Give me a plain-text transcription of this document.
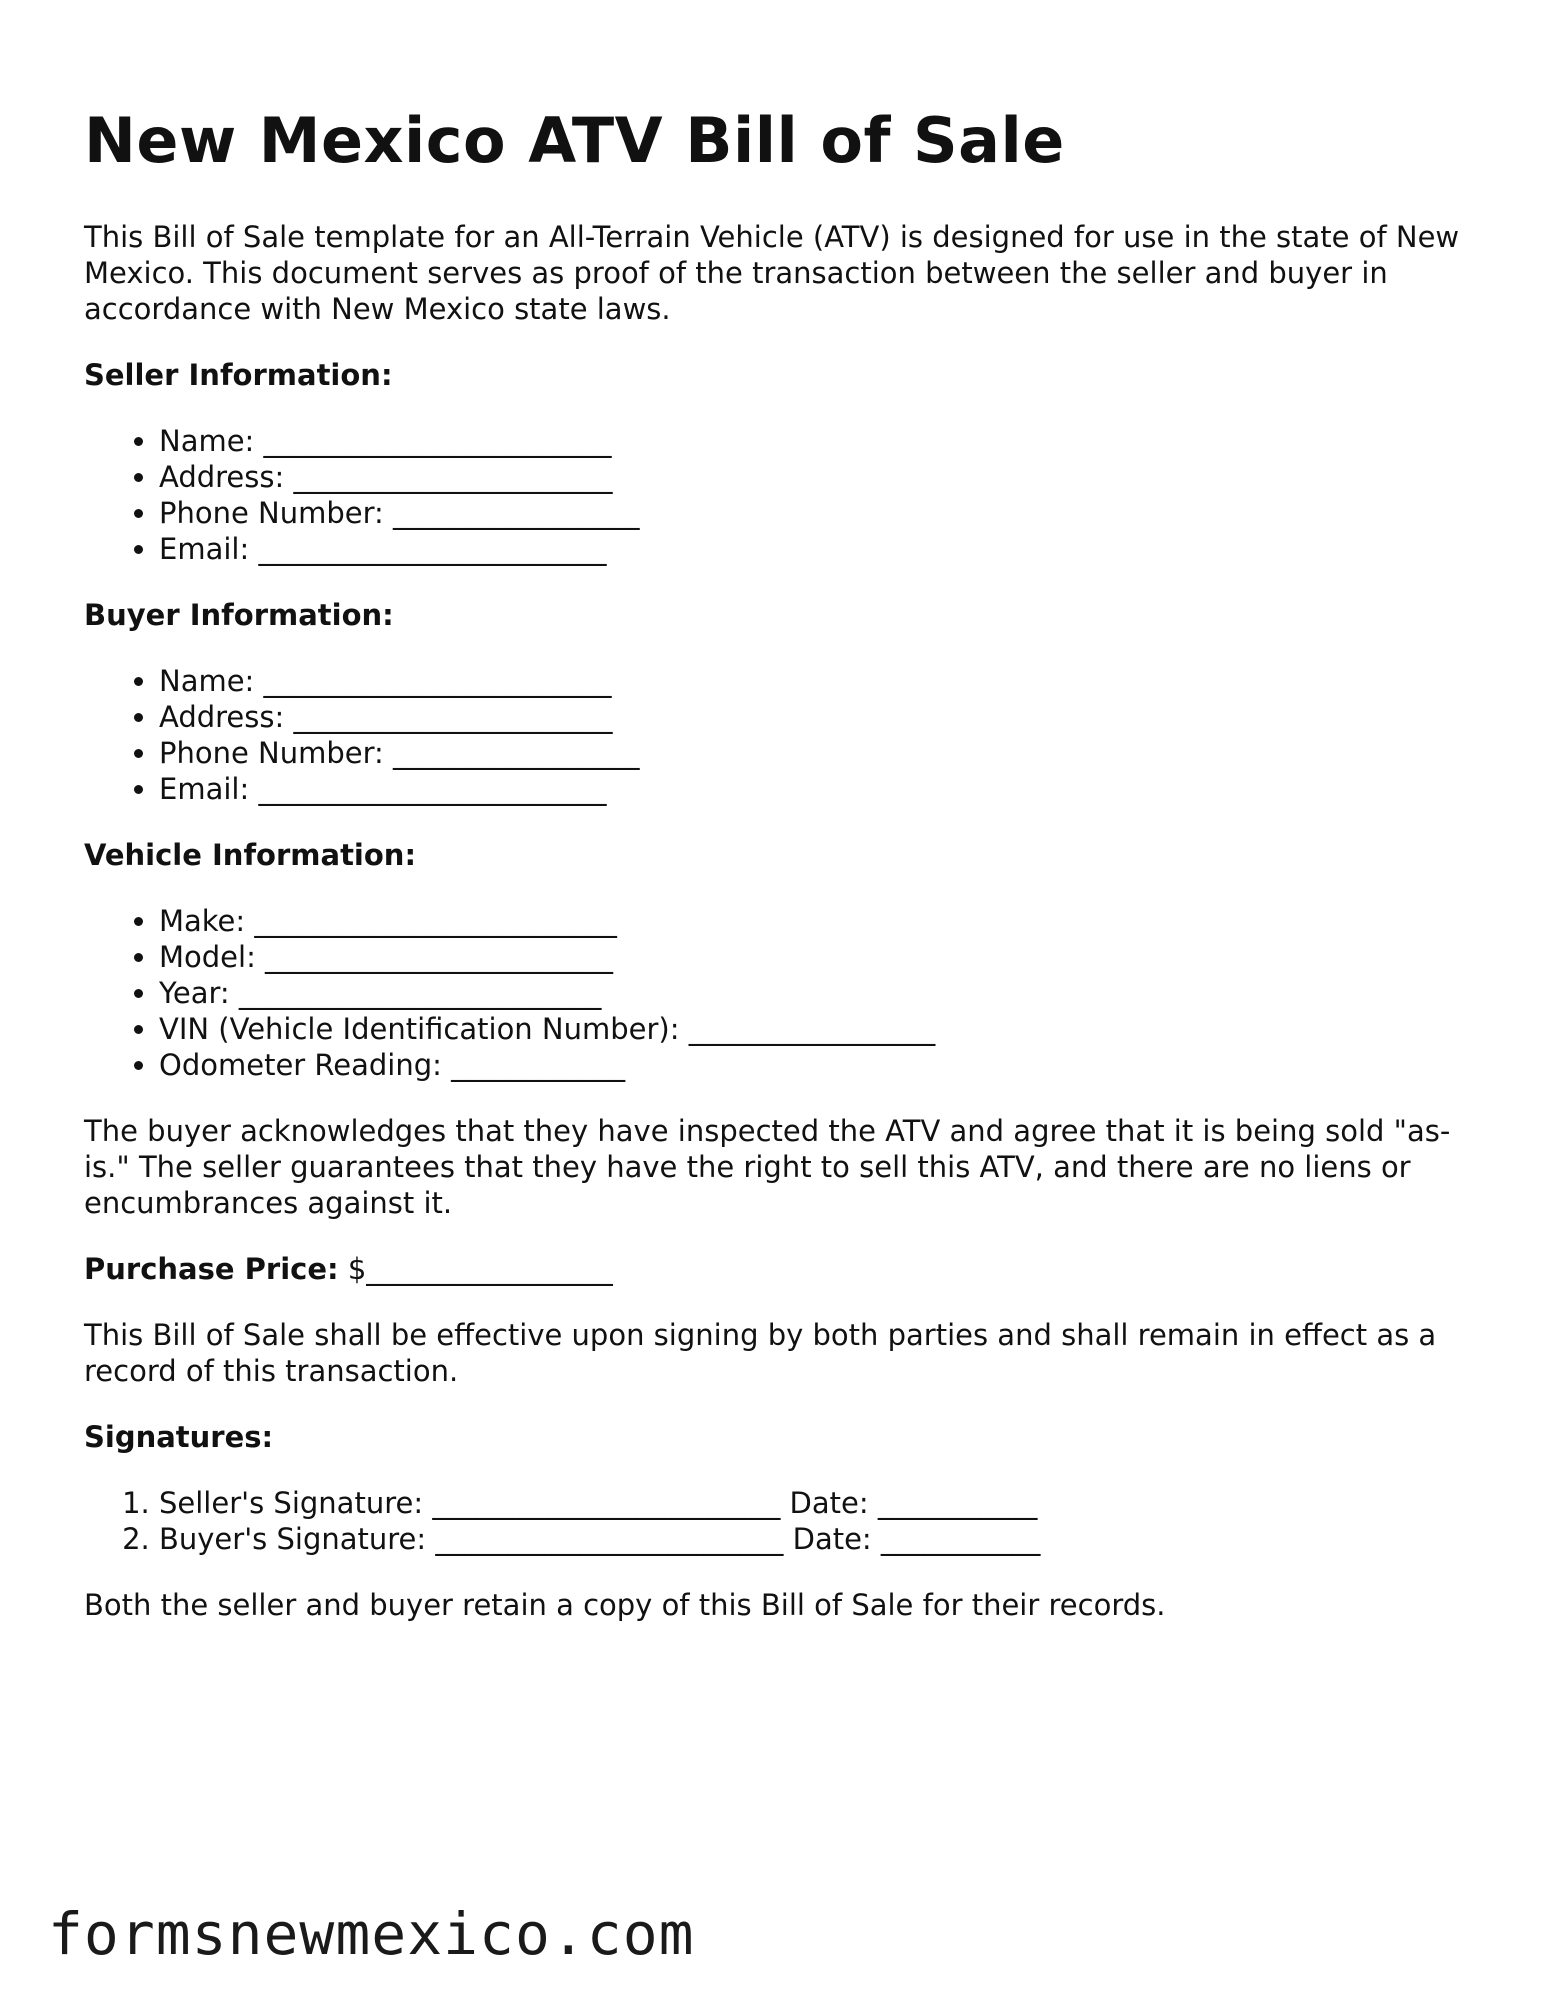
New Mexico ATV Bill of Sale

This Bill of Sale template for an All-Terrain Vehicle (ATV) is designed for use in the state of New Mexico. This document serves as proof of the transaction between the seller and buyer in accordance with New Mexico state laws.

Seller Information:
• Name: ________________________
• Address: ______________________
• Phone Number: _________________
• Email: ________________________
Buyer Information:
• Name: ________________________
• Address: ______________________
• Phone Number: _________________
• Email: ________________________
Vehicle Information:
• Make: _________________________
• Model: ________________________
• Year: _________________________
• VIN (Vehicle Identification Number): _________________
• Odometer Reading: ____________

The buyer acknowledges that they have inspected the ATV and agree that it is being sold "as-is." The seller guarantees that they have the right to sell this ATV, and there are no liens or encumbrances against it.

Purchase Price: $_________________

This Bill of Sale shall be effective upon signing by both parties and shall remain in effect as a record of this transaction.

Signatures:
1. Seller's Signature: ________________________ Date: ___________
2. Buyer's Signature: ________________________ Date: ___________

Both the seller and buyer retain a copy of this Bill of Sale for their records.

formsnewmexico.com
